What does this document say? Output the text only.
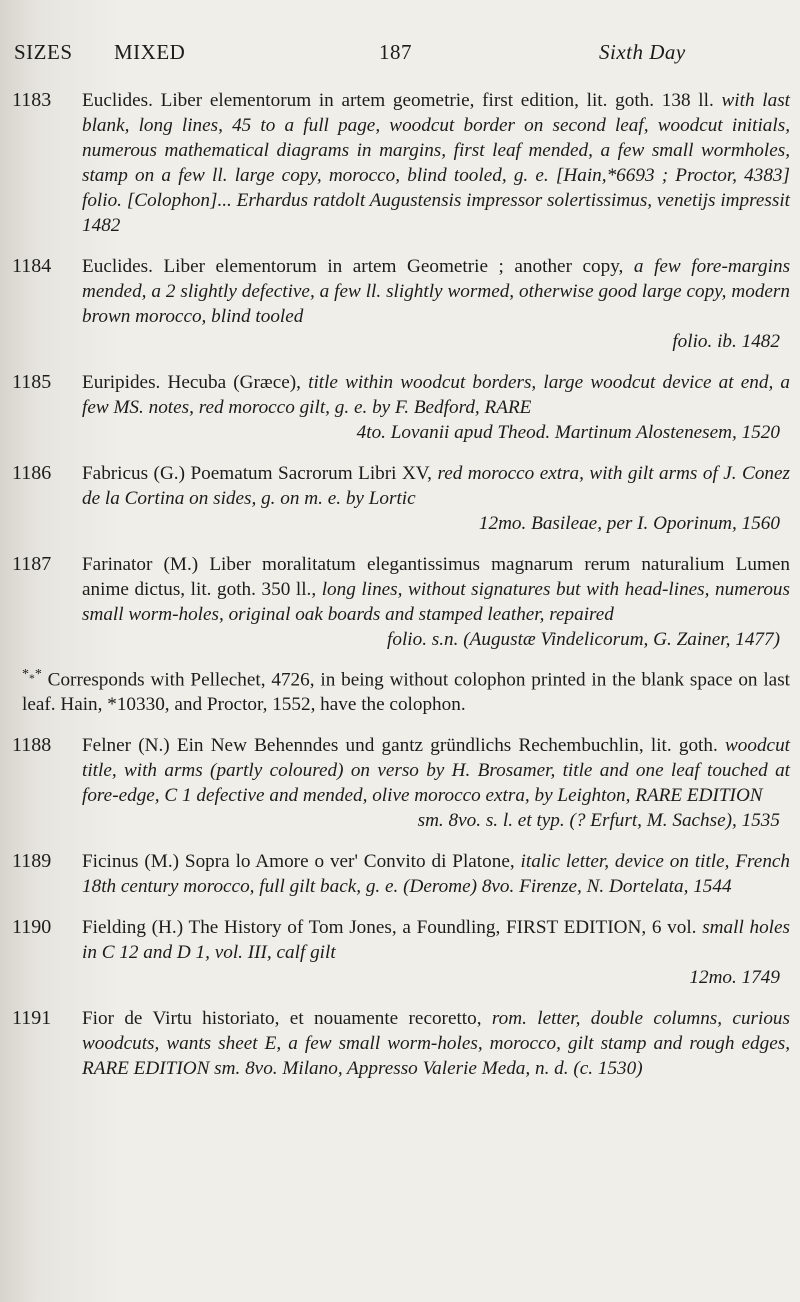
SIZES MIXED	187	Sixth Day
1183 Euclides. Liber elementorum in artem geometrie, first edition, lit. goth. 138 ll. with last blank, long lines, 45 to a full page, woodcut border on second leaf, woodcut initials, numerous mathematical diagrams in margins, first leaf mended, a few small wormholes, stamp on a few ll. large copy, morocco, blind tooled, g. e. [Hain,*6693 ; Proctor, 4383] folio. [Colophon]... Erhardus ratdolt Augustensis impressor solertissimus, venetijs impressit 1482
1184 Euclides. Liber elementorum in artem Geometrie ; another copy, a few fore-margins mended, a 2 slightly defective, a few ll. slightly wormed, otherwise good large copy, modern brown morocco, blind tooled
folio. ib. 1482
1185 Euripides. Hecuba (Græce), title within woodcut borders, large woodcut device at end, a few MS. notes, red morocco gilt, g. e. by F. Bedford, RARE
4to. Lovanii apud Theod. Martinum Alostenesem, 1520
1186 Fabricus (G.) Poematum Sacrorum Libri XV, red morocco extra, with gilt arms of J. Conez de la Cortina on sides, g. on m. e. by Lortic
12mo. Basileae, per I. Oporinum, 1560
1187 Farinator (M.) Liber moralitatum elegantissimus magnarum rerum naturalium Lumen anime dictus, lit. goth. 350 ll., long lines, without signatures but with head-lines, numerous small worm-holes, original oak boards and stamped leather, repaired
folio. s.n. (Augustæ Vindelicorum, G. Zainer, 1477)
*** Corresponds with Pellechet, 4726, in being without colophon printed in the blank space on last leaf. Hain, *10330, and Proctor, 1552, have the colophon.
1188 Felner (N.) Ein New Behenndes und gantz gründlichs Rechembuchlin, lit. goth. woodcut title, with arms (partly coloured) on verso by H. Brosamer, title and one leaf touched at fore-edge, C 1 defective and mended, olive morocco extra, by Leighton, RARE EDITION
sm. 8vo. s. l. et typ. (? Erfurt, M. Sachse), 1535
1189 Ficinus (M.) Sopra lo Amore o ver' Convito di Platone, italic letter, device on title, French 18th century morocco, full gilt back, g. e. (Derome) 8vo. Firenze, N. Dortelata, 1544
1190 Fielding (H.) The History of Tom Jones, a Foundling, FIRST EDITION, 6 vol. small holes in C 12 and D 1, vol. III, calf gilt
12mo. 1749
1191 Fior de Virtu historiato, et nouamente recoretto, rom. letter, double columns, curious woodcuts, wants sheet E, a few small worm-holes, morocco, gilt stamp and rough edges, RARE EDITION sm. 8vo. Milano, Appresso Valerie Meda, n. d. (c. 1530)
